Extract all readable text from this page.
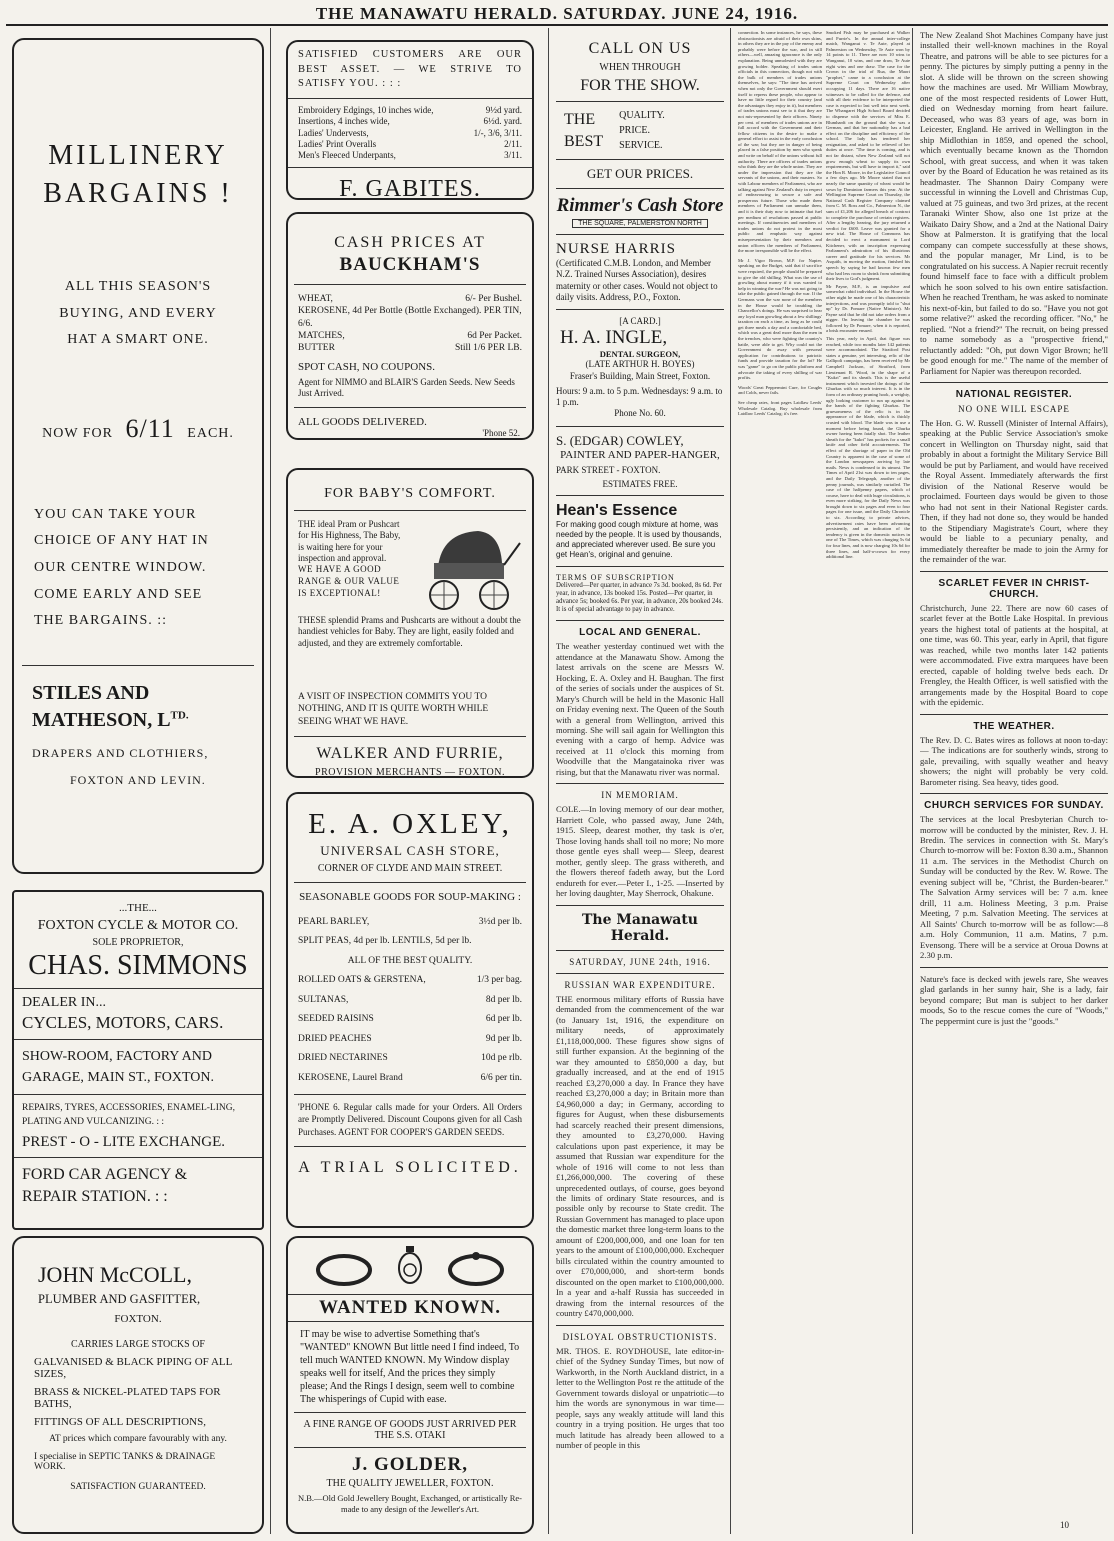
THE MANAWATU HERALD. SATURDAY. JUNE 24, 1916.
MILLINERY
BARGAINS !
ALL THIS SEASON'S
BUYING, AND EVERY
HAT A SMART ONE.
NOW FOR 6/11 EACH.
YOU CAN TAKE YOUR
CHOICE OF ANY HAT IN
OUR CENTRE WINDOW.
COME EARLY AND SEE
THE BARGAINS. ::
STILES AND
MATHESON, $L^{TD.}$
DRAPERS AND CLOTHIERS,
FOXTON AND LEVIN.
...THE...
FOXTON CYCLE & MOTOR CO.
SOLE PROPRIETOR,
CHAS. SIMMONS
DEALER IN...
CYCLES, MOTORS, CARS.
SHOW-ROOM, FACTORY AND
GARAGE, MAIN ST., FOXTON.
REPAIRS, TYRES, ACCESSORIES, ENAMEL-LING, PLATING AND VULCANIZING. : :
PREST - O - LITE EXCHANGE.
FORD CAR AGENCY &
REPAIR STATION. : :
JOHN McCOLL,
PLUMBER AND GASFITTER,
FOXTON.
CARRIES LARGE STOCKS OF
GALVANISED & BLACK PIPING OF ALL SIZES,
BRASS & NICKEL-PLATED TAPS FOR BATHS,
FITTINGS OF ALL DESCRIPTIONS,
AT prices which compare favourably with any.
I specialise in SEPTIC TANKS & DRAINAGE WORK.
SATISFACTION GUARANTEED.
SATISFIED CUSTOMERS ARE OUR BEST ASSET. — WE STRIVE TO SATISFY YOU. : : :
Embroidery Edgings, 10 inches wide,	9½d yard.
Insertions, 4 inches wide,	6½d. yard.
Ladies' Undervests,	1/-, 3/6, 3/11.
Ladies' Print Overalls	2/11.
Men's Fleeced Underpants,	3/11.
F. GABITES.
CASH PRICES AT
BAUCKHAM'S
WHEAT,	6/- Per Bushel.
KEROSENE, 4d Per Bottle (Bottle Exchanged). PER TIN, 6/6.
MATCHES,	6d Per Packet.
BUTTER	Still 1/6 PER LB.
SPOT CASH, NO COUPONS.
Agent for NIMMO and BLAIR'S Garden Seeds. New Seeds Just Arrived.
ALL GOODS DELIVERED.
'Phone 52.
FOR BABY'S COMFORT.
THE ideal Pram or Pushcart for His Highness, The Baby, is waiting here for your inspection and approval.
WE HAVE A GOOD RANGE & OUR VALUE IS EXCEPTIONAL!
THESE splendid Prams and Pushcarts are without a doubt the handiest vehicles for Baby. They are light, easily folded and adjusted, and they are extremely comfortable.
A VISIT OF INSPECTION COMMITS YOU TO NOTHING, AND IT IS QUITE WORTH WHILE SEEING WHAT WE HAVE.
WALKER AND FURRIE,
PROVISION MERCHANTS — FOXTON.
E. A. OXLEY,
UNIVERSAL CASH STORE,
CORNER OF CLYDE AND MAIN STREET.
SEASONABLE GOODS FOR SOUP-MAKING :
PEARL BARLEY,	3½d per lb.
SPLIT PEAS, 4d per lb. LENTILS, 5d per lb.
ALL OF THE BEST QUALITY.
ROLLED OATS & GERSTENA,	1/3 per bag.
SULTANAS,	8d per lb.
SEEDED RAISINS	6d per lb.
DRIED PEACHES	9d per lb.
DRIED NECTARINES	10d pe rlb.
KEROSENE, Laurel Brand	6/6 per tin.
'PHONE 6. Regular calls made for your Orders. All Orders are Promptly Delivered. Discount Coupons given for all Cash Purchases. AGENT FOR COOPER'S GARDEN SEEDS.
A TRIAL SOLICITED.
WANTED KNOWN.
IT may be wise to advertise Something that's "WANTED" KNOWN But little need I find indeed, To tell much WANTED KNOWN. My Window display speaks well for itself, And the prices they simply please; And the Rings I design, seem well to combine The whisperings of Cupid with ease.
A FINE RANGE OF GOODS JUST ARRIVED PER THE S.S. OTAKI
J. GOLDER,
THE QUALITY JEWELLER, FOXTON.
N.B.—Old Gold Jewellery Bought, Exchanged, or artistically Re-made to any design of the Jeweller's Art.
CALL ON US
WHEN THROUGH
FOR THE SHOW.
THE
BEST
QUALITY.
PRICE.
SERVICE.
GET OUR PRICES.
Rimmer's Cash Store
THE SQUARE, PALMERSTON NORTH
NURSE HARRIS
(Certificated C.M.B. London, and Member N.Z. Trained Nurses Association), desires maternity or other cases. Would not object to daily visits. Address, P.O., Foxton.
[A CARD.]
H. A. INGLE,
DENTAL SURGEON,
(LATE ARTHUR H. BOYES)
Fraser's Building, Main Street, Foxton.
Hours: 9 a.m. to 5 p.m. Wednesdays: 9 a.m. to 1 p.m.
Phone No. 60.
S. (EDGAR) COWLEY,
PAINTER AND PAPER-HANGER,
PARK STREET - FOXTON.
ESTIMATES FREE.
Hean's Essence
For making good cough mixture at home, was needed by the people. It is used by thousands, and appreciated wherever used. Be sure you get Hean's, original and genuine.
TERMS OF SUBSCRIPTION
Delivered—Per quarter, in advance 7s 3d. booked, 8s 6d. Per year, in advance, 13s booked 15s. Posted—Per quarter, in advance 5s; booked 6s. Per year, in advance, 20s booked 24s. It is of special advantage to pay in advance.
LOCAL AND GENERAL.
The weather yesterday continued wet with the attendance at the Manawatu Show. Among the latest arrivals on the scene are Messrs W. Hocking, E. A. Oxley and H. Baughan. The first of the series of socials under the auspices of St. Mary's Church will be held in the Masonic Hall on Friday evening next. The Queen of the South with a general from Wellington, arrived this morning. She will sail again for Wellington this evening with a cargo of hemp. Advice was received at 11 o'clock this morning from Woodville that the Mangatainoka river was rising, but that the Manawatu river was normal.
IN MEMORIAM.
COLE.—In loving memory of our dear mother, Harriett Cole, who passed away, June 24th, 1915. Sleep, dearest mother, thy task is o'er, Those loving hands shall toil no more; No more those gentle eyes shall weep— Sleep, dearest mother, gently sleep. The grass withereth, and the flowers thereof fadeth away, but the Lord endureth for ever.—Peter I., 1-25. —Inserted by her loving daughter, May Sherrock, Ohakune.
The Manawatu Herald.
SATURDAY, JUNE 24th, 1916.
RUSSIAN WAR EXPENDITURE.
THE enormous military efforts of Russia have demanded from the commencement of the war (to January 1st, 1916, the expenditure on military needs, of approximately £1,118,000,000. These figures show signs of still further expansion. At the beginning of the war they amounted to £850,000 a day, but gradually increased, and at the end of 1915 reached £3,270,000 a day. In France they have reached £3,270,000 a day; in Britain more than £4,960,000 a day; in Germany, according to figures for August, when these disbursements had scarcely reached their present dimensions, they amounted to £3,270,000. Having calculations upon past experience, it may be assumed that Russian war expenditure for the whole of 1916 will come to not less than £1,266,000,000. The covering of these unprecedented outlays, of course, goes beyond the limits of ordinary State resources, and is possible only by recourse to State credit. The Russian Government has managed to place upon the domestic market three long-term loans to the amount of £200,000,000, and one loan for ten years to the amount of £100,000,000. Exchequer bills circulated within the country amounted to over £70,000,000, and short-term bonds discounted on the open market to £100,000,000. In a year and a-half Russia has succeeded in drawing from the internal resources of the country £470,000,000.
DISLOYAL OBSTRUCTIONISTS.
MR. THOS. E. ROYDHOUSE, late editor-in-chief of the Sydney Sunday Times, but now of Warkworth, in the North Auckland district, in a letter to the Wellington Post re the attitude of the Government towards disloyal or unpatriotic—to him the words are synonymous in war time—people, says any weakly attitude will land this country in a trying position. He urges that too much latitude has already been allowed to a number of people in this
connection. In some instances, he says, these obstructionists are afraid of their own skins, in others they are in the pay of the enemy and probably were before the war, and in still others—well, amazing ignorance is the only explanation. Being unmolested with they are growing bolder. Speaking of trades union officials in this connection, though not with the bulk of members of trades unions themselves, he says: "The time has arrived when not only the Government should exert itself to repress these people, who appear to have no little regard for their country (and the advantages they enjoy in it), but members of trades unions must see to it that they are not mis-represented by their officers. Ninety per cent. of members of trades unions are in full accord with the Government and their fellow citizens in the desire to make a general effort to assist in the early conclusion of the war; but they are in danger of being placed in a false position by men who speak and write on behalf of the unions without full authority. There are officers of trades unions who think they are the whole union. They are under the impression that they are the servants of the unions, and their masters. So with Labour members of Parliament, who are talking against New Zealand's duty in respect of endeavouring to secure a safe and prosperous future. Those who made them members of Parliament can unmake them, and it is their duty now to intimate that fuel per medium of resolutions passed at public meetings. If constituencies and members of trades unions do not protest in the most public and emphatic way against misrepresentation by their members and union officers the members of Parliament, the more irresponsible will be the effect.
Mr J. Vigor Brown, M.P. for Napier, speaking on the Budget, said that if sacrifice were required, the people should be prepared to give the old shilling. What was the use of growling about money if it was wanted to help in winning the war? He was not going to take the public gained through the war. If the Germans won the war none of the members in the House would be troubling the Chancellor's doings. He was surprised to hear any loyal man growling about a few shillings' taxation on each a time, as long as he could get three meals a day and a comfortable bed, which was a great deal more than the men in the trenches, who were fighting the country's battle, were able to get. Why could not the Government do away with personal application for contributions to patriotic funds and provide taxation for the lot? He was "game" to go on the public platform and advocate the taking of every shilling of war profits.
Woods' Great Peppermint Cure, for Coughs and Colds, never fails.
See cheap rates, front pages Laidlaw Leeds' Wholesale Catalog. Buy wholesale from Laidlaw Leeds' Catalog; it's free.
The New Zealand Shot Machines Company have just installed their well-known machines in the Royal Theatre, and patrons will be able to see pictures for a penny. The pictures by simply putting a penny in the slot. A slide will be thrown on the screen showing how the machines are used. Mr William Mowbray, one of the most respected residents of Lower Hutt, died on Wednesday morning from heart failure. Deceased, who was 83 years of age, was born in Leicester, England. He arrived in Wellington in the ship Midlothian in 1859, and opened the school, which eventually became known as the Thorndon School, with great success, and when it was taken over by the Board of Education he was retained as its headmaster. The Shannon Dairy Company were successful in winning the Lovell and Christmas Cup, valued at 75 guineas, and two 3rd prizes, at the recent Taranaki Winter Show, also one 1st prize at the Waikato Dairy Show, and a 2nd at the National Dairy Show at Palmerston. It is gratifying that the local company can compete successfully at these shows, and the popular manager, Mr Lind, is to be congratulated on his success. A Napier recruit recently found himself face to face with a difficult problem which he soon solved to his own entire satisfaction. When he reached Trentham, he was asked to nominate his next-of-kin, but failed to do so. "Have you not got some relative?" asked the recording officer. "No," he replied. "Not a friend?" The recruit, on being pressed to name somebody as a "prospective friend," reluctantly added: "Oh, put down Vigor Brown; he'll be good enough for me." The name of the member of Parliament for Napier was thereupon recorded.
NATIONAL REGISTER.
NO ONE WILL ESCAPE
The Hon. G. W. Russell (Minister of Internal Affairs), speaking at the Public Service Association's smoke concert in Wellington on Thursday night, said that probably in about a fortnight the Military Service Bill would be put by Parliament, and would have received the Royal Assent. Immediately afterwards the first division of the National Reserve would be proclaimed. Fourteen days would be given to those who had not sent in their National Register cards. Then, if they had not done so, they would be handed to the Stipendiary Magistrate's Court, where they would be liable to a pecuniary penalty, and immediately thereafter be made to join the Army for the remainder of the war.
SCARLET FEVER IN CHRIST-CHURCH.
Christchurch, June 22. There are now 60 cases of scarlet fever at the Bottle Lake Hospital. In previous years the highest total of patients at the hospital, at one time, was 60. This year, early in April, that figure was reached, while two months later 142 patients were accommodated. Five extra marquees have been erected, capable of holding twelve beds each. Dr Frengley, the Health Officer, is well satisfied with the arrangements made by the Hospital Board to cope with the epidemic.
THE WEATHER.
The Rev. D. C. Bates wires as follows at noon to-day:— The indications are for southerly winds, strong to gale, prevailing, with squally weather and heavy showers; the night will probably be very cold. Barometer rising. Sea heavy, tides good.
CHURCH SERVICES FOR SUNDAY.
The services at the local Presbyterian Church to-morrow will be conducted by the minister, Rev. J. H. Bredin. The services in connection with St. Mary's Church to-morrow will be: Foxton 8.30 a.m., Shannon 11 a.m. The services in the Methodist Church on Sunday will be conducted by the Rev. W. Rowe. The evening subject will be, "Christ, the Burden-bearer." The Salvation Army services will be: 7 a.m. knee drill, 11 a.m. Holiness Meeting, 3 p.m. Praise Meeting, 7 p.m. Salvation Meeting. The services at All Saints' Church to-morrow will be as follow:—8 a.m. Holy Communion, 11 a.m. Matins, 7 p.m. Evensong. There will be a service at Oroua Downs at 2.30 p.m.
Nature's face is decked with jewels rare, She weaves glad garlands in her sunny hair, She is a lady, fair beyond compare; But man is subject to her darker moods, So to the rescue comes the cure of "Woods," The peppermint cure is just the "goods."
10
Smoked Fish may be purchased at Walker and Furrie's. In the annual inter-college match, Wanganui v. Te Aute, played at Palmerston on Wednesday, Te Aute won by 14 points to 11. There are now 10 wins to Wanganui, 10 wins, and one draw, Te Aute eight wins and one draw. The case for the Crown in the trial of Rua, the Maori "prophet," came to a conclusion at the Supreme Court on Wednesday after occupying 11 days. There are 16 native witnesses to be called for the defence, and with all their evidence to be interpreted the case is expected to last well into next week. The Whangarei High School Board decided to dispense with the services of Miss E. Blumhardt on the ground that she was a German, and that her nationality has a bad effect on the discipline and efficiency of the school. The lady has tendered her resignation, and asked to be relieved of her duties at once. "The time is coming, and is not far distant, when New Zealand will not grow enough wheat to supply its own requirements, but will have to import it," said the Hon R. Moore, in the Legislative Council a few days ago. Mr Moore stated that not nearly the same quantity of wheat would be sown by Dominion farmers this year. At the Wellington Supreme Court on Thursday, the National Cash Register Company claimed from C. M. Ross and Co., Palmerston N., the sum of £1,206 for alleged breach of contract to complete the purchase of certain registers. After a lengthy hearing, the jury returned a verdict for £600. Leave was granted for a new trial. The House of Commons has decided to erect a monument to Lord Kitchener, with an inscription expressing Parliament's admiration of his illustrious career and gratitude for his services. Mr Asquith, in moving the motion, finished his speech by saying he had known few men who had less room to shrink from submitting their lives to God's judgment.
Mr Payne, M.P., is an impulsive and somewhat rabid individual. In the House the other night he made one of his characteristic interjections, and was promptly told to "shut up" by Dr. Pomare (Native Minister). Mr Payne said that he did not take orders from a nigger. On leaving the chamber he was followed by Dr Pomare, when it is reported, a brisk encounter ensued.
This year, early in April, that figure was reached, while two months later 142 patients were accommodated. The Stratford Post states a genuine, yet interesting, relic of the Gallipoli campaign, has been received by Mr Campbell Jackson, of Stratford, from Lieutenant R. Wood, in the shape of a "Kukri" and its sheath. This is the useful instrument which invested the doings of the Ghurkas with so much interest. It is in the form of an ordinary pruning hook, a weighty, ugly looking customer to run up against in the hands of the fighting Ghurkas. The gruesomeness of the relic is in the appearance of the blade, which is thickly crusted with blood. The blade was in use a moment before being found, the Ghurka owner having been fatally shot. The leather sheath for the "kukri" has pockets for a small knife and other field accoutrements. The effect of the shortage of paper in the Old Country is apparent in the case of some of the London newspapers arriving by late mails. News is condensed to its utmost. The Times of April 21st was down to ten pages, and the Daily Telegraph, another of the penny journals, was similarly curtailed. The case of the halfpenny papers, which of course, have to deal with huge circulations, is even more striking, for the Daily News was brought down to six pages and even to four pages for one issue, and the Daily Chronicle to six. According to private advices, advertisement rates have been advancing persistently, and an indication of the tendency is given in the domestic notices in one of The Times, which was charging 5s 6d for four lines, and is now charging 10s 6d for three lines, and half-a-crown for every additional line.
